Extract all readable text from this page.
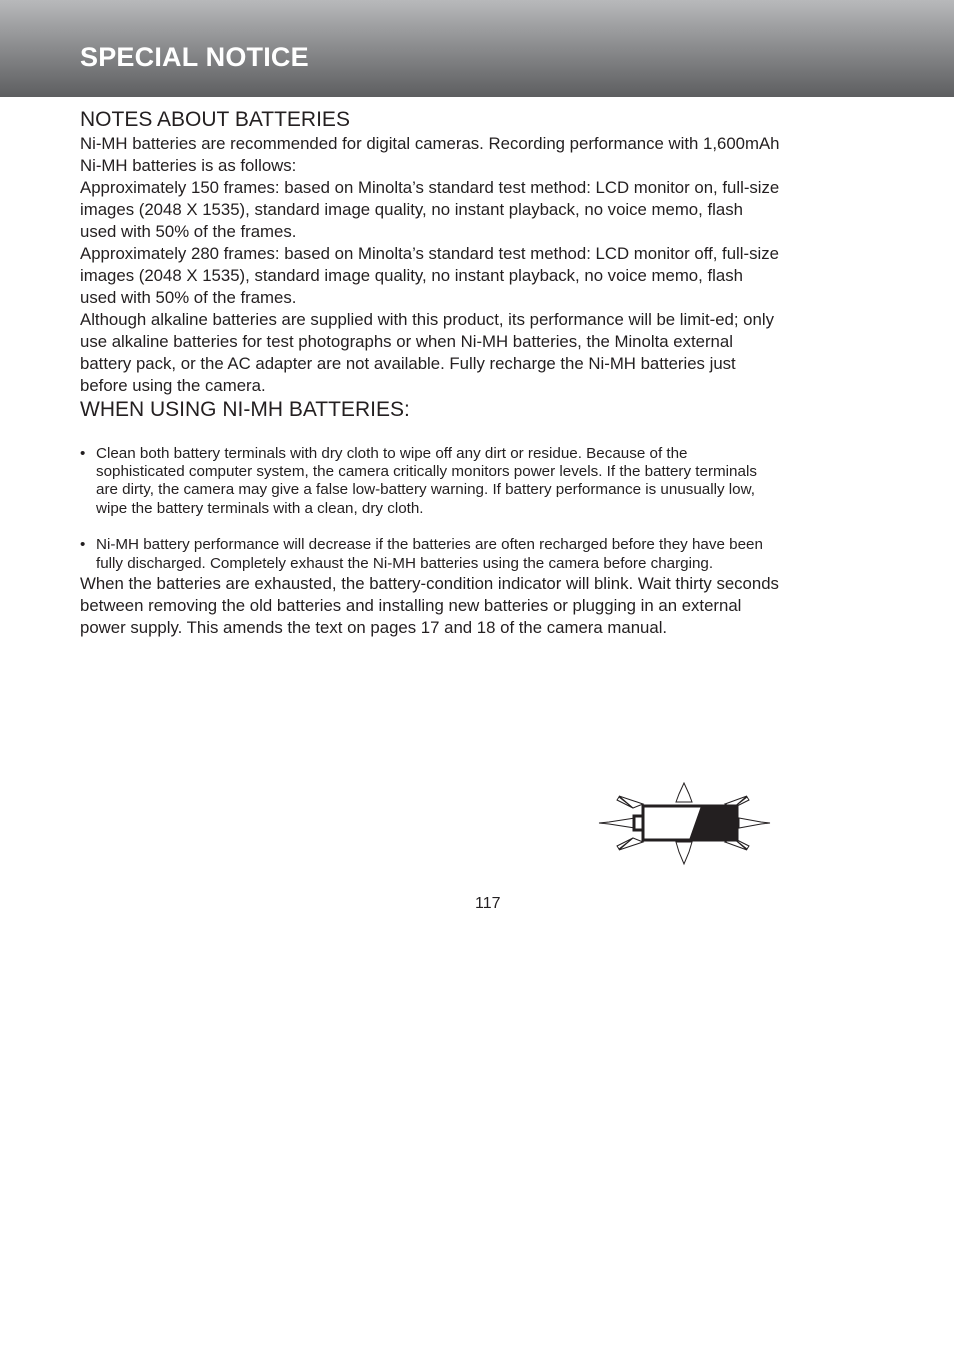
SPECIAL NOTICE
NOTES ABOUT BATTERIES

Ni-MH batteries are recommended for digital cameras. Recording performance with 1,600mAh Ni-MH batteries is as follows:

Approximately 150 frames: based on Minolta’s standard test method: LCD monitor on, full-size images (2048 X 1535), standard image quality, no instant playback, no voice memo, flash used with 50% of the frames.

Approximately 280 frames: based on Minolta’s standard test method: LCD monitor off, full-size images (2048 X 1535), standard image quality, no instant playback, no voice memo, flash used with 50% of the frames.

Although alkaline batteries are supplied with this product, its performance will be limit-ed; only use alkaline batteries for test photographs or when Ni-MH batteries, the Minolta external battery pack, or the AC adapter are not available. Fully recharge the Ni-MH batteries just before using the camera.

WHEN USING NI-MH BATTERIES:
• Clean both battery terminals with dry cloth to wipe off any dirt or residue. Because of the sophisticated computer system, the camera critically monitors power levels. If the battery terminals are dirty, the camera may give a false low-battery warning. If battery performance is unusually low, wipe the battery terminals with a clean, dry cloth.
• Ni-MH battery performance will decrease if the batteries are often recharged before they have been fully discharged. Completely exhaust the Ni-MH batteries using the camera before charging.

When the batteries are exhausted, the battery-condition indicator will blink. Wait thirty seconds between removing the old batteries and installing new batteries or plugging in an external power supply. This amends the text on pages 17 and 18 of the camera manual.

117
